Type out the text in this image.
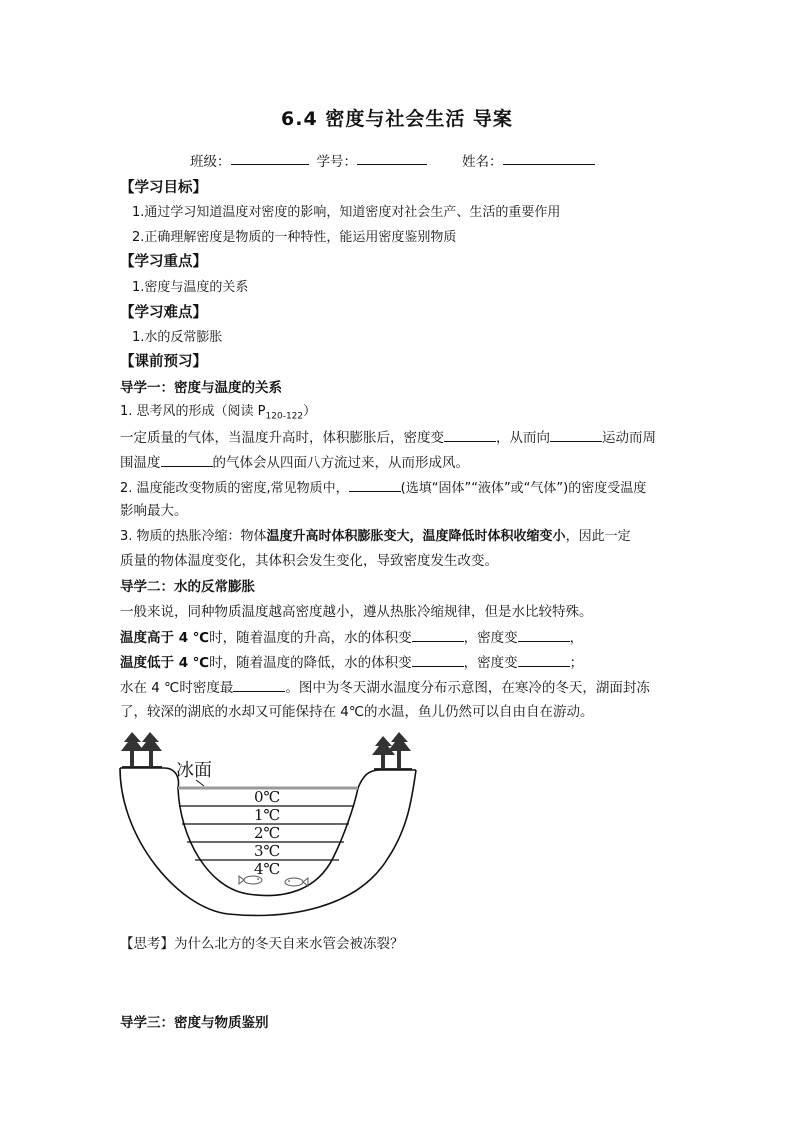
6.4 密度与社会生活 导案
班级：	学号：	姓名：
【学习目标】
1.通过学习知道温度对密度的影响，知道密度对社会生产、生活的重要作用
2.正确理解密度是物质的一种特性，能运用密度鉴别物质
【学习重点】
1.密度与温度的关系
【学习难点】
1.水的反常膨胀
【课前预习】
导学一：密度与温度的关系
1. 思考风的形成（阅读 $P_{120-122}$）
一定质量的气体，当温度升高时，体积膨胀后，密度变	，从而向	运动而周
围温度	的气体会从四面八方流过来，从而形成风。
2. 温度能改变物质的密度,常见物质中，	(选填“固体”“液体”或“气体”)的密度受温度
影响最大。
3. 物质的热胀冷缩：物体温度升高时体积膨胀变大，温度降低时体积收缩变小，因此一定
质量的物体温度变化，其体积会发生变化，导致密度发生改变。
导学二：水的反常膨胀
一般来说，同种物质温度越高密度越小，遵从热胀冷缩规律，但是水比较特殊。
温度高于 4 ℃时，随着温度的升高，水的体积变	，密度变	，
温度低于 4 ℃时，随着温度的降低，水的体积变	，密度变	；
水在 4 ℃时密度最	。图中为冬天湖水温度分布示意图，在寒冷的冬天，湖面封冻
了，较深的湖底的水却又可能保持在 4℃的水温，鱼儿仍然可以自由自在游动。
冰面
0℃
1℃
2℃
3℃
4℃
【思考】为什么北方的冬天自来水管会被冻裂？
导学三：密度与物质鉴别
